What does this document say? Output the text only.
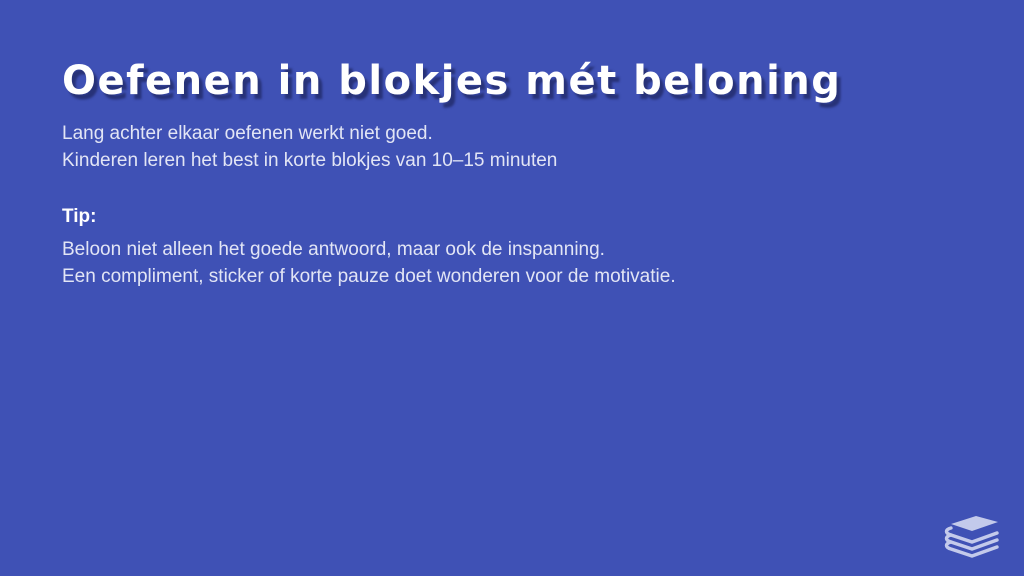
Oefenen in blokjes mét beloning
Lang achter elkaar oefenen werkt niet goed.
Kinderen leren het best in korte blokjes van 10–15 minuten
Tip:
Beloon niet alleen het goede antwoord, maar ook de inspanning.
Een compliment, sticker of korte pauze doet wonderen voor de motivatie.
